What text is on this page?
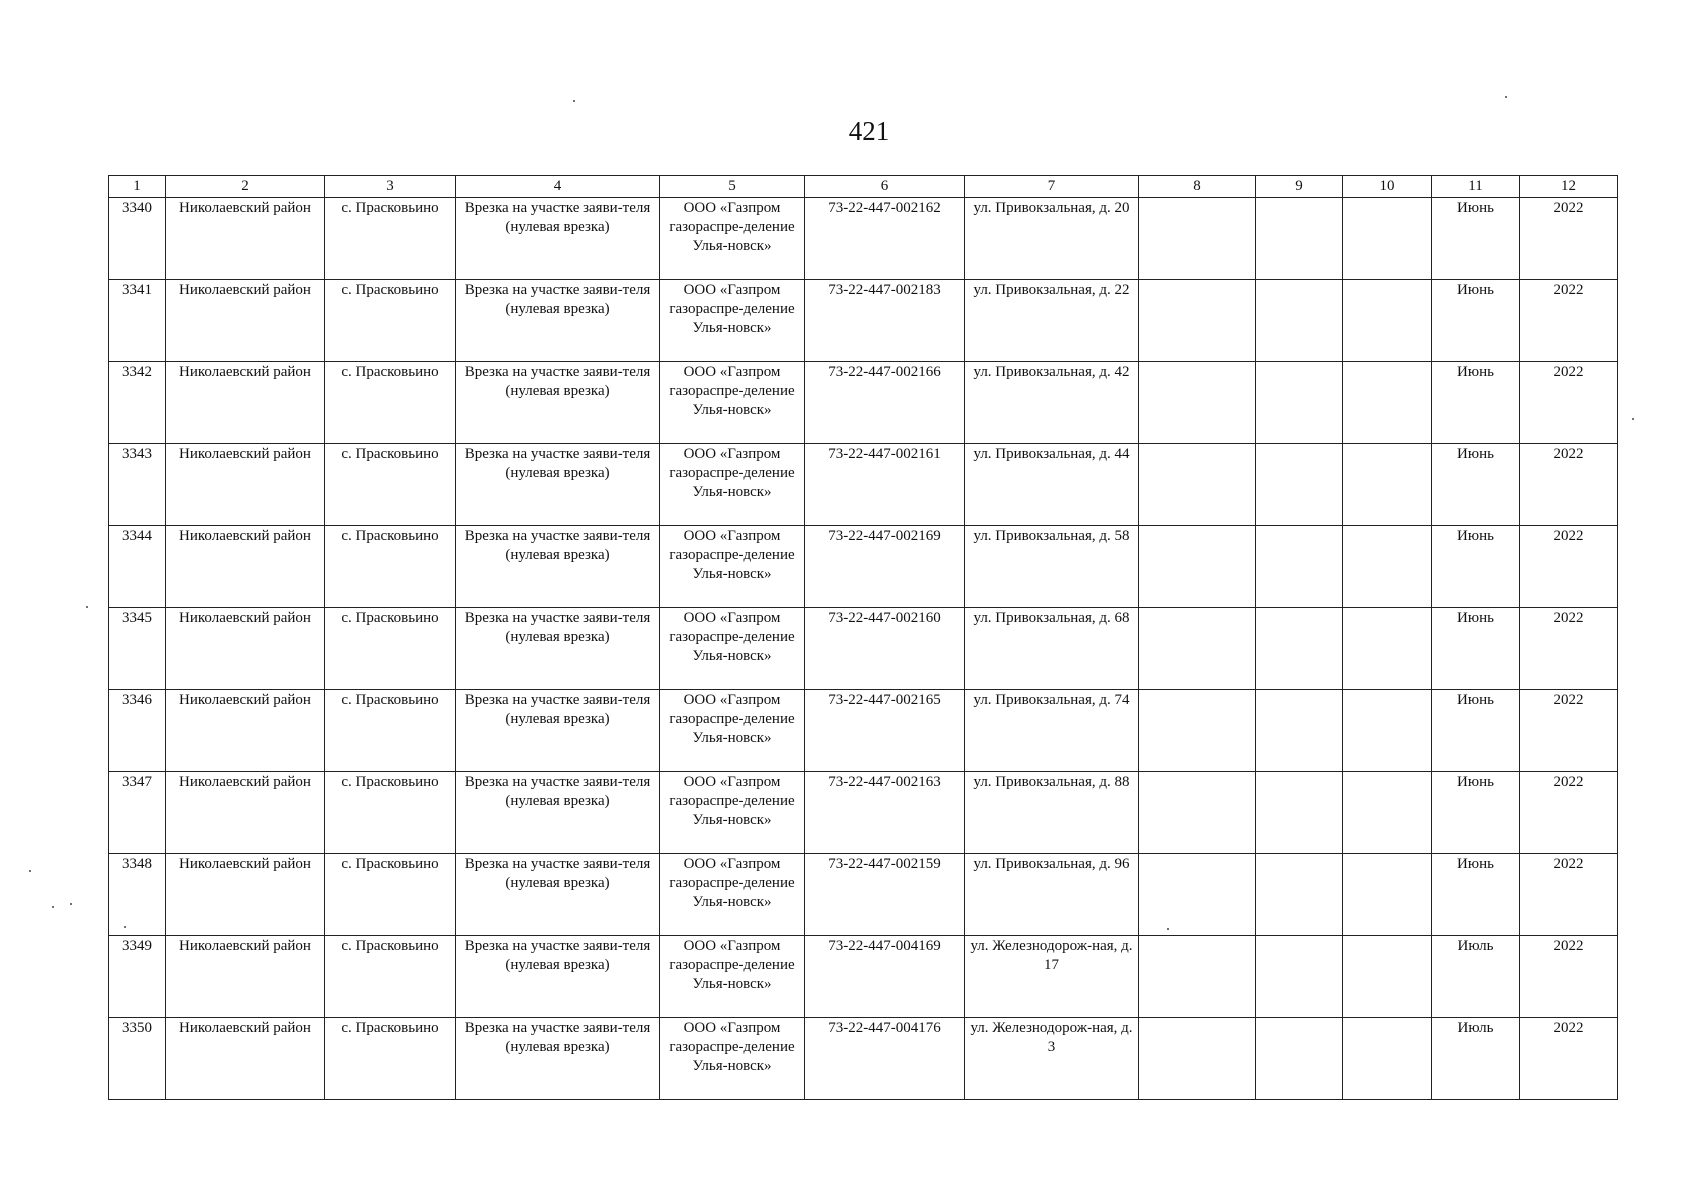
421
1	2	3	4	5	6	7	8	9	10	11	12
3340	Николаевский район	с. Прасковьино	Врезка на участке заяви-теля (нулевая врезка)	ООО «Газпром газораспре-деление Улья-новск»	73-22-447-002162	ул. Привокзальная, д. 20				Июнь	2022
3341	Николаевский район	с. Прасковьино	Врезка на участке заяви-теля (нулевая врезка)	ООО «Газпром газораспре-деление Улья-новск»	73-22-447-002183	ул. Привокзальная, д. 22				Июнь	2022
3342	Николаевский район	с. Прасковьино	Врезка на участке заяви-теля (нулевая врезка)	ООО «Газпром газораспре-деление Улья-новск»	73-22-447-002166	ул. Привокзальная, д. 42				Июнь	2022
3343	Николаевский район	с. Прасковьино	Врезка на участке заяви-теля (нулевая врезка)	ООО «Газпром газораспре-деление Улья-новск»	73-22-447-002161	ул. Привокзальная, д. 44				Июнь	2022
3344	Николаевский район	с. Прасковьино	Врезка на участке заяви-теля (нулевая врезка)	ООО «Газпром газораспре-деление Улья-новск»	73-22-447-002169	ул. Привокзальная, д. 58				Июнь	2022
3345	Николаевский район	с. Прасковьино	Врезка на участке заяви-теля (нулевая врезка)	ООО «Газпром газораспре-деление Улья-новск»	73-22-447-002160	ул. Привокзальная, д. 68				Июнь	2022
3346	Николаевский район	с. Прасковьино	Врезка на участке заяви-теля (нулевая врезка)	ООО «Газпром газораспре-деление Улья-новск»	73-22-447-002165	ул. Привокзальная, д. 74				Июнь	2022
3347	Николаевский район	с. Прасковьино	Врезка на участке заяви-теля (нулевая врезка)	ООО «Газпром газораспре-деление Улья-новск»	73-22-447-002163	ул. Привокзальная, д. 88				Июнь	2022
3348	Николаевский район	с. Прасковьино	Врезка на участке заяви-теля (нулевая врезка)	ООО «Газпром газораспре-деление Улья-новск»	73-22-447-002159	ул. Привокзальная, д. 96				Июнь	2022
3349	Николаевский район	с. Прасковьино	Врезка на участке заяви-теля (нулевая врезка)	ООО «Газпром газораспре-деление Улья-новск»	73-22-447-004169	ул. Железнодорож-ная, д. 17				Июль	2022
3350	Николаевский район	с. Прасковьино	Врезка на участке заяви-теля (нулевая врезка)	ООО «Газпром газораспре-деление Улья-новск»	73-22-447-004176	ул. Железнодорож-ная, д. 3				Июль	2022
